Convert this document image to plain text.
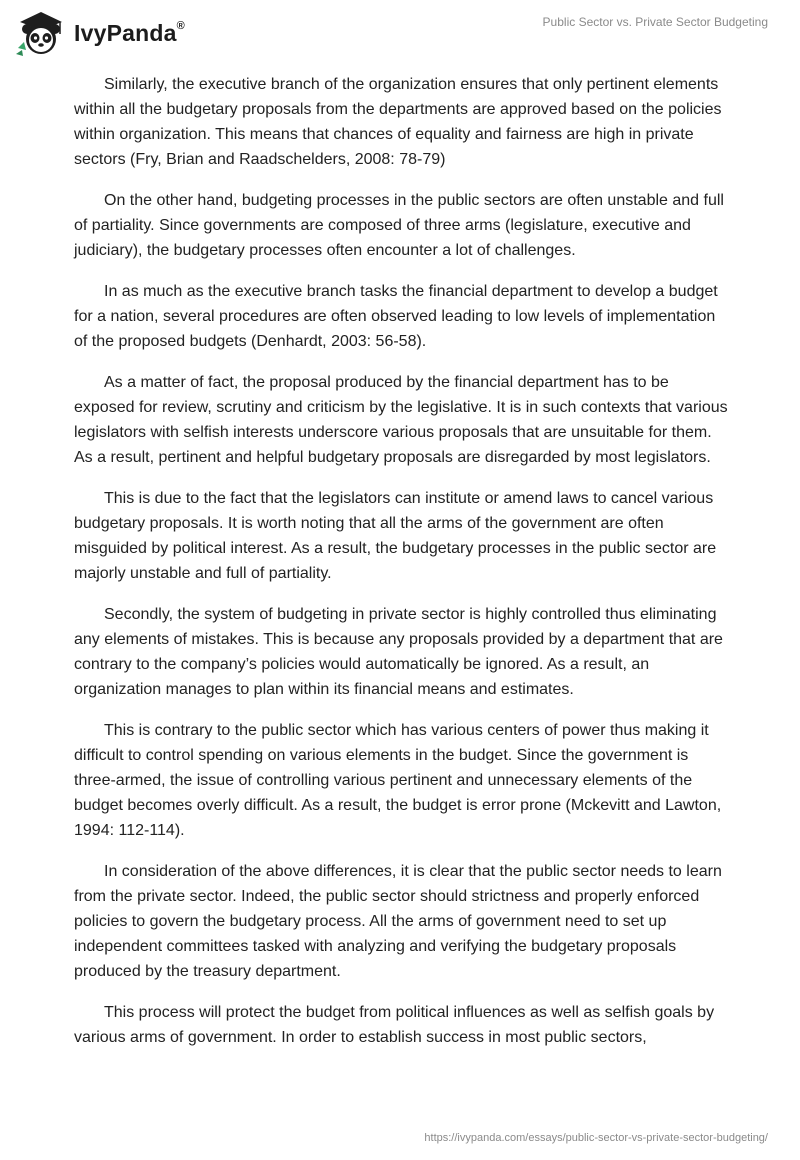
IvyPanda®	Public Sector vs. Private Sector Budgeting

Similarly, the executive branch of the organization ensures that only pertinent elements within all the budgetary proposals from the departments are approved based on the policies within organization. This means that chances of equality and fairness are high in private sectors (Fry, Brian and Raadschelders, 2008: 78-79)

On the other hand, budgeting processes in the public sectors are often unstable and full of partiality. Since governments are composed of three arms (legislature, executive and judiciary), the budgetary processes often encounter a lot of challenges.

In as much as the executive branch tasks the financial department to develop a budget for a nation, several procedures are often observed leading to low levels of implementation of the proposed budgets (Denhardt, 2003: 56-58).

As a matter of fact, the proposal produced by the financial department has to be exposed for review, scrutiny and criticism by the legislative. It is in such contexts that various legislators with selfish interests underscore various proposals that are unsuitable for them. As a result, pertinent and helpful budgetary proposals are disregarded by most legislators.

This is due to the fact that the legislators can institute or amend laws to cancel various budgetary proposals. It is worth noting that all the arms of the government are often misguided by political interest. As a result, the budgetary processes in the public sector are majorly unstable and full of partiality.

Secondly, the system of budgeting in private sector is highly controlled thus eliminating any elements of mistakes. This is because any proposals provided by a department that are contrary to the company’s policies would automatically be ignored. As a result, an organization manages to plan within its financial means and estimates.

This is contrary to the public sector which has various centers of power thus making it difficult to control spending on various elements in the budget. Since the government is three-armed, the issue of controlling various pertinent and unnecessary elements of the budget becomes overly difficult. As a result, the budget is error prone (Mckevitt and Lawton, 1994: 112-114).

In consideration of the above differences, it is clear that the public sector needs to learn from the private sector. Indeed, the public sector should strictness and properly enforced policies to govern the budgetary process. All the arms of government need to set up independent committees tasked with analyzing and verifying the budgetary proposals produced by the treasury department.

This process will protect the budget from political influences as well as selfish goals by various arms of government. In order to establish success in most public sectors,

https://ivypanda.com/essays/public-sector-vs-private-sector-budgeting/
